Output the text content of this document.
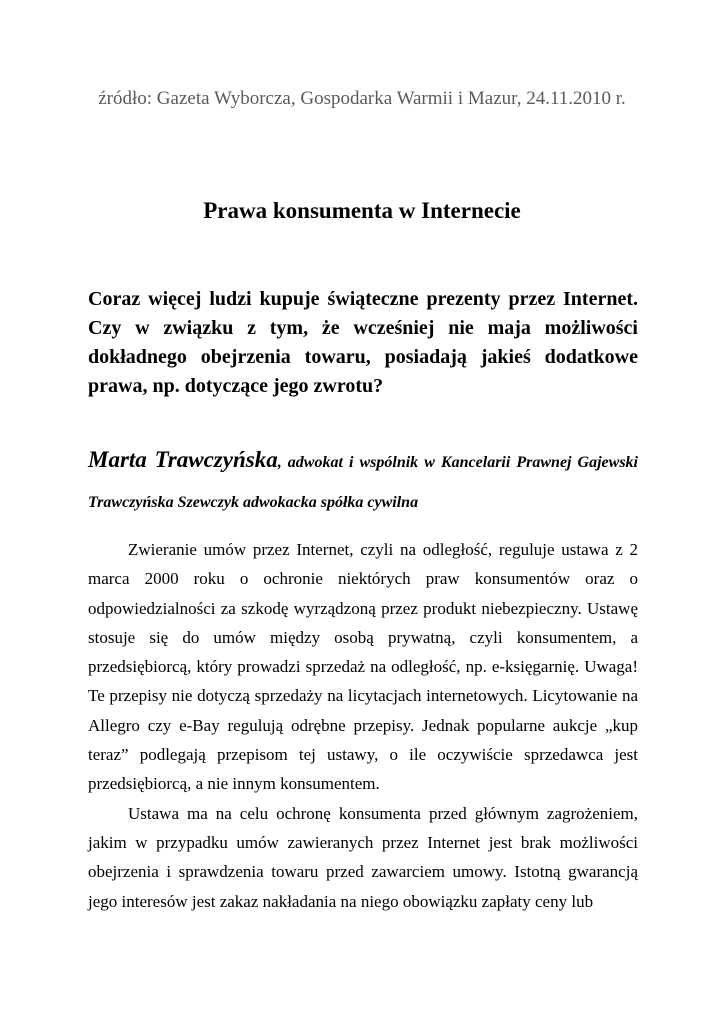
źródło: Gazeta Wyborcza, Gospodarka Warmii i Mazur, 24.11.2010 r.
Prawa konsumenta w Internecie

Coraz więcej ludzi kupuje świąteczne prezenty przez Internet. Czy w związku z tym, że wcześniej nie maja możliwości dokładnego obejrzenia towaru, posiadają jakieś dodatkowe prawa, np. dotyczące jego zwrotu?

Marta Trawczyńska, adwokat i wspólnik w Kancelarii Prawnej Gajewski Trawczyńska Szewczyk adwokacka spółka cywilna

Zwieranie umów przez Internet, czyli na odległość, reguluje ustawa z 2 marca 2000 roku o ochronie niektórych praw konsumentów oraz o odpowiedzialności za szkodę wyrządzoną przez produkt niebezpieczny. Ustawę stosuje się do umów między osobą prywatną, czyli konsumentem, a przedsiębiorcą, który prowadzi sprzedaż na odległość, np. e-księgarnię. Uwaga! Te przepisy nie dotyczą sprzedaży na licytacjach internetowych. Licytowanie na Allegro czy e-Bay regulują odrębne przepisy. Jednak popularne aukcje „kup teraz” podlegają przepisom tej ustawy, o ile oczywiście sprzedawca jest przedsiębiorcą, a nie innym konsumentem.

Ustawa ma na celu ochronę konsumenta przed głównym zagrożeniem, jakim w przypadku umów zawieranych przez Internet jest brak możliwości obejrzenia i sprawdzenia towaru przed zawarciem umowy. Istotną gwarancją jego interesów jest zakaz nakładania na niego obowiązku zapłaty ceny lub
